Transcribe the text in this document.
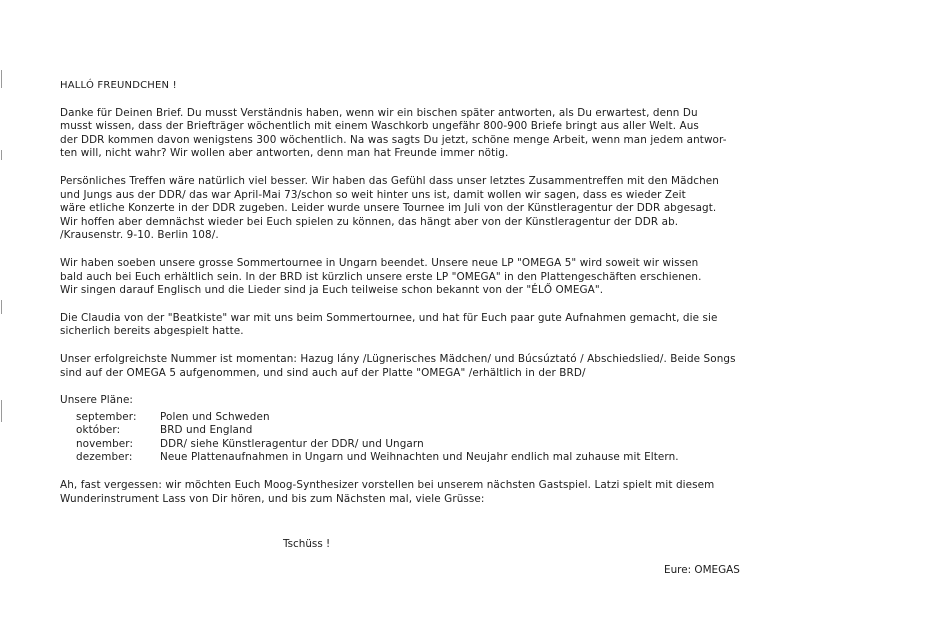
HALLÓ FREUNDCHEN !

Danke für Deinen Brief. Du musst Verständnis haben, wenn wir ein bischen später antworten, als Du erwartest, denn Du
musst wissen, dass der Briefträger wöchentlich mit einem Waschkorb ungefähr 800-900 Briefe bringt aus aller Welt. Aus
der DDR kommen davon wenigstens 300 wöchentlich. Na was sagts Du jetzt, schöne menge Arbeit, wenn man jedem antwor-
ten will, nicht wahr? Wir wollen aber antworten, denn man hat Freunde immer nötig.

Persönliches Treffen wäre natürlich viel besser. Wir haben das Gefühl dass unser letztes Zusammentreffen mit den Mädchen
und Jungs aus der DDR/ das war April-Mai 73/schon so weit hinter uns ist, damit wollen wir sagen, dass es wieder Zeit
wäre etliche Konzerte in der DDR zugeben. Leider wurde unsere Tournee im Juli von der Künstleragentur der DDR abgesagt.
Wir hoffen aber demnächst wieder bei Euch spielen zu können, das hängt aber von der Künstleragentur der DDR ab.
/Krausenstr. 9-10. Berlin 108/.

Wir haben soeben unsere grosse Sommertournee in Ungarn beendet. Unsere neue LP "OMEGA 5" wird soweit wir wissen
bald auch bei Euch erhältlich sein. In der BRD ist kürzlich unsere erste LP "OMEGA" in den Plattengeschäften erschienen.
Wir singen darauf Englisch und die Lieder sind ja Euch teilweise schon bekannt von der "ÉLŐ OMEGA".

Die Claudia von der "Beatkiste" war mit uns beim Sommertournee, und hat für Euch paar gute Aufnahmen gemacht, die sie
sicherlich bereits abgespielt hatte.

Unser erfolgreichste Nummer ist momentan: Hazug lány /Lügnerisches Mädchen/ und Búcsúztató / Abschiedslied/. Beide Songs
sind auf der OMEGA 5 aufgenommen, und sind auch auf der Platte "OMEGA" /erhältlich in der BRD/

Unsere Pläne:

september:	Polen und Schweden
október:	BRD und England
november:	DDR/ siehe Künstleragentur der DDR/ und Ungarn
dezember:	Neue Plattenaufnahmen in Ungarn und Weihnachten und Neujahr endlich mal zuhause mit Eltern.

Ah, fast vergessen: wir möchten Euch Moog-Synthesizer vorstellen bei unserem nächsten Gastspiel. Latzi spielt mit diesem
Wunderinstrument Lass von Dir hören, und bis zum Nächsten mal, viele Grüsse:

Tschüss !
Eure: OMEGAS
